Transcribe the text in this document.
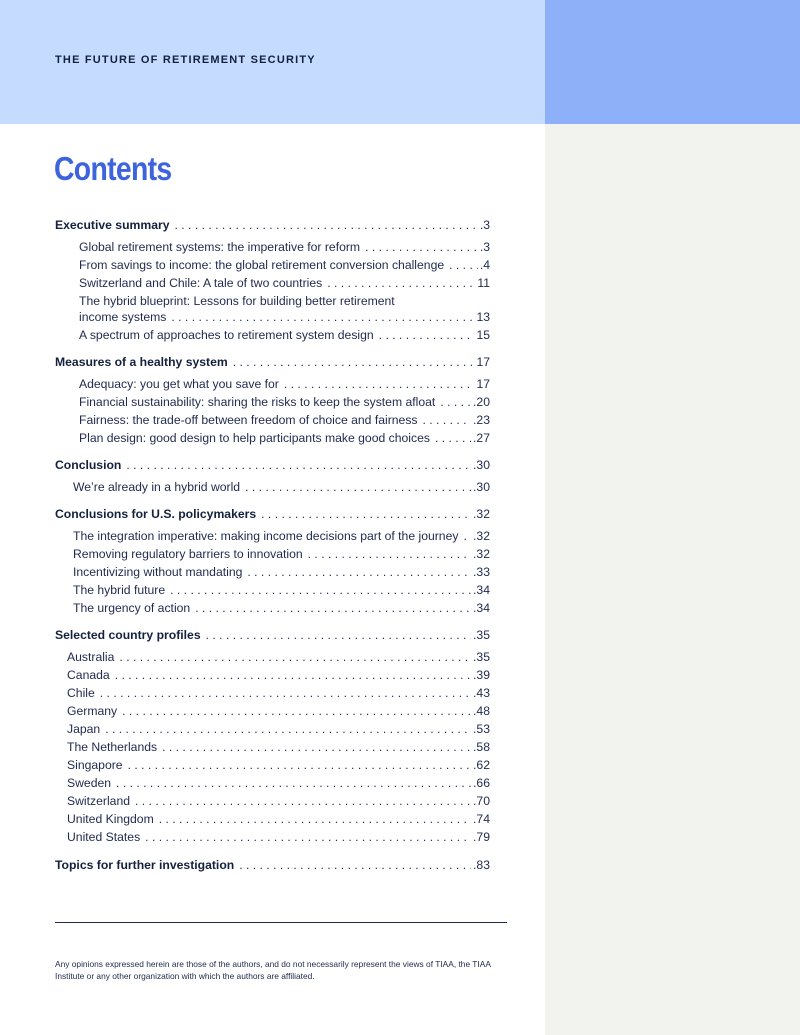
THE FUTURE OF RETIREMENT SECURITY
Contents
Executive summary . . .	.3
Global retirement systems: the imperative for reform . . .	.3
From savings to income: the global retirement conversion challenge . . .	.4
Switzerland and Chile: A tale of two countries . . .	11
The hybrid blueprint: Lessons for building better retirement
income systems . . .	13
A spectrum of approaches to retirement system design . . .	15
Measures of a healthy system . . .	17
Adequacy: you get what you save for . . .	17
Financial sustainability: sharing the risks to keep the system afloat . . .	.20
Fairness: the trade-off between freedom of choice and fairness . . .	.23
Plan design: good design to help participants make good choices . . .	.27
Conclusion . . .	.30
We’re already in a hybrid world . . .	.30
Conclusions for U.S. policymakers . . .	.32
The integration imperative: making income decisions part of the journey . . . .32
Removing regulatory barriers to innovation . . .	.32
Incentivizing without mandating . . .	.33
The hybrid future . . .	.34
The urgency of action . . .	.34
Selected country profiles . . .	.35
Australia . . .	.35
Canada . . .	.39
Chile . . .	.43
Germany . . .	.48
Japan . . .	.53
The Netherlands . . .	.58
Singapore . . .	.62
Sweden . . .	.66
Switzerland . . .	.70
United Kingdom . . .	.74
United States . . .	.79
Topics for further investigation . . .	.83
Any opinions expressed herein are those of the authors, and do not necessarily represent the views of TIAA, the TIAA Institute or any other organization with which the authors are affiliated.
